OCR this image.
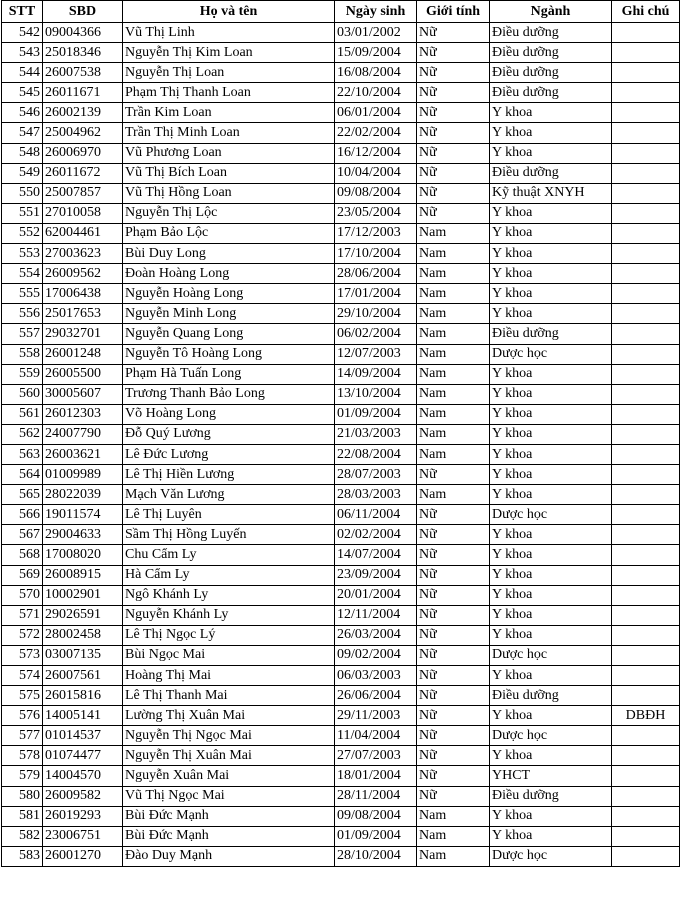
STT	SBD	Họ và tên	Ngày sinh	Giới tính	Ngành	Ghi chú
542	09004366	Vũ Thị Linh	03/01/2002	Nữ	Điều dưỡng	
543	25018346	Nguyễn Thị Kim Loan	15/09/2004	Nữ	Điều dưỡng	
544	26007538	Nguyễn Thị Loan	16/08/2004	Nữ	Điều dưỡng	
545	26011671	Phạm Thị Thanh Loan	22/10/2004	Nữ	Điều dưỡng	
546	26002139	Trần Kim Loan	06/01/2004	Nữ	Y khoa	
547	25004962	Trần Thị Minh Loan	22/02/2004	Nữ	Y khoa	
548	26006970	Vũ Phương Loan	16/12/2004	Nữ	Y khoa	
549	26011672	Vũ Thị Bích Loan	10/04/2004	Nữ	Điều dưỡng	
550	25007857	Vũ Thị Hồng Loan	09/08/2004	Nữ	Kỹ thuật XNYH	
551	27010058	Nguyễn Thị Lộc	23/05/2004	Nữ	Y khoa	
552	62004461	Phạm Bảo Lộc	17/12/2003	Nam	Y khoa	
553	27003623	Bùi Duy Long	17/10/2004	Nam	Y khoa	
554	26009562	Đoàn Hoàng Long	28/06/2004	Nam	Y khoa	
555	17006438	Nguyễn Hoàng Long	17/01/2004	Nam	Y khoa	
556	25017653	Nguyễn Minh Long	29/10/2004	Nam	Y khoa	
557	29032701	Nguyễn Quang Long	06/02/2004	Nam	Điều dưỡng	
558	26001248	Nguyễn Tô Hoàng Long	12/07/2003	Nam	Dược học	
559	26005500	Phạm Hà Tuấn Long	14/09/2004	Nam	Y khoa	
560	30005607	Trương Thanh Bảo Long	13/10/2004	Nam	Y khoa	
561	26012303	Võ Hoàng Long	01/09/2004	Nam	Y khoa	
562	24007790	Đỗ Quý Lương	21/03/2003	Nam	Y khoa	
563	26003621	Lê Đức Lương	22/08/2004	Nam	Y khoa	
564	01009989	Lê Thị Hiền Lương	28/07/2003	Nữ	Y khoa	
565	28022039	Mạch Văn Lương	28/03/2003	Nam	Y khoa	
566	19011574	Lê Thị Luyên	06/11/2004	Nữ	Dược học	
567	29004633	Sầm Thị Hồng Luyến	02/02/2004	Nữ	Y khoa	
568	17008020	Chu Cẩm Ly	14/07/2004	Nữ	Y khoa	
569	26008915	Hà Cẩm Ly	23/09/2004	Nữ	Y khoa	
570	10002901	Ngô Khánh Ly	20/01/2004	Nữ	Y khoa	
571	29026591	Nguyễn Khánh Ly	12/11/2004	Nữ	Y khoa	
572	28002458	Lê Thị Ngọc Lý	26/03/2004	Nữ	Y khoa	
573	03007135	Bùi Ngọc Mai	09/02/2004	Nữ	Dược học	
574	26007561	Hoàng Thị Mai	06/03/2003	Nữ	Y khoa	
575	26015816	Lê Thị Thanh Mai	26/06/2004	Nữ	Điều dưỡng	
576	14005141	Lường Thị Xuân Mai	29/11/2003	Nữ	Y khoa	DBĐH
577	01014537	Nguyễn Thị Ngọc Mai	11/04/2004	Nữ	Dược học	
578	01074477	Nguyễn Thị Xuân Mai	27/07/2003	Nữ	Y khoa	
579	14004570	Nguyễn Xuân Mai	18/01/2004	Nữ	YHCT	
580	26009582	Vũ Thị Ngọc Mai	28/11/2004	Nữ	Điều dưỡng	
581	26019293	Bùi Đức Mạnh	09/08/2004	Nam	Y khoa	
582	23006751	Bùi Đức Mạnh	01/09/2004	Nam	Y khoa	
583	26001270	Đào Duy Mạnh	28/10/2004	Nam	Dược học	
